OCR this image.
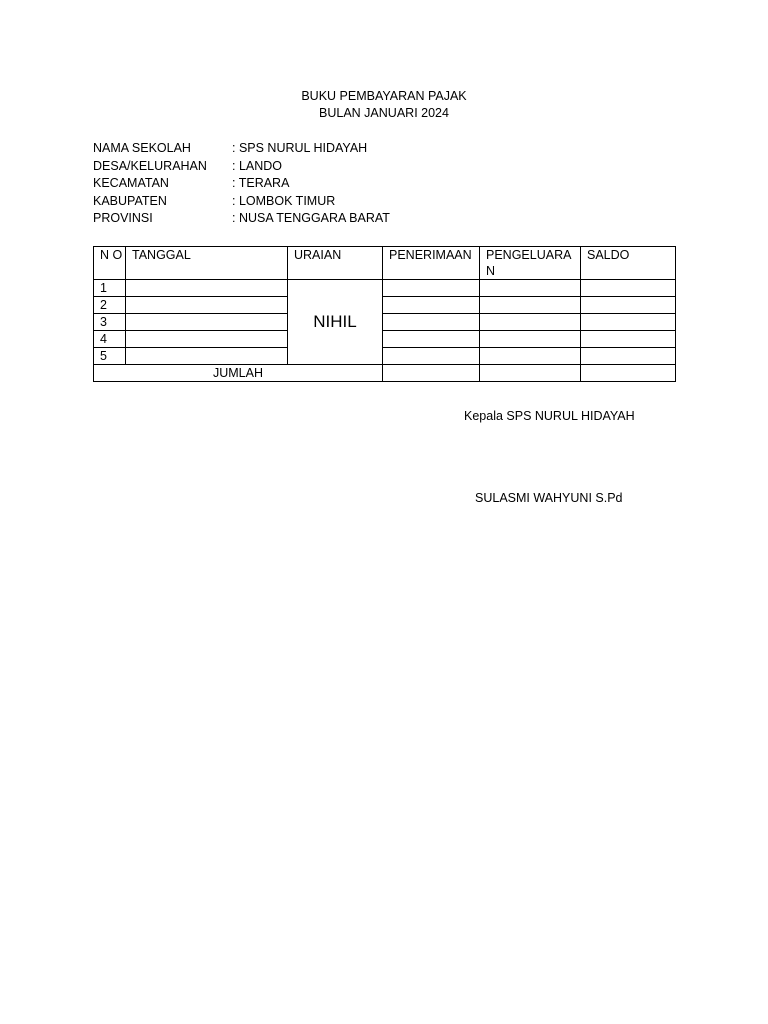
BUKU PEMBAYARAN PAJAK
BULAN JANUARI 2024
NAMA SEKOLAH	: SPS NURUL HIDAYAH
DESA/KELURAHAN	: LANDO
KECAMATAN	: TERARA
KABUPATEN	: LOMBOK TIMUR
PROVINSI	: NUSA TENGGARA BARAT
N O	TANGGAL	URAIAN	PENERIMAAN	PENGELUARA N	SALDO
1		NIHIL			
2					
3					
4					
5					
JUMLAH					
Kepala SPS NURUL HIDAYAH
SULASMI WAHYUNI S.Pd
